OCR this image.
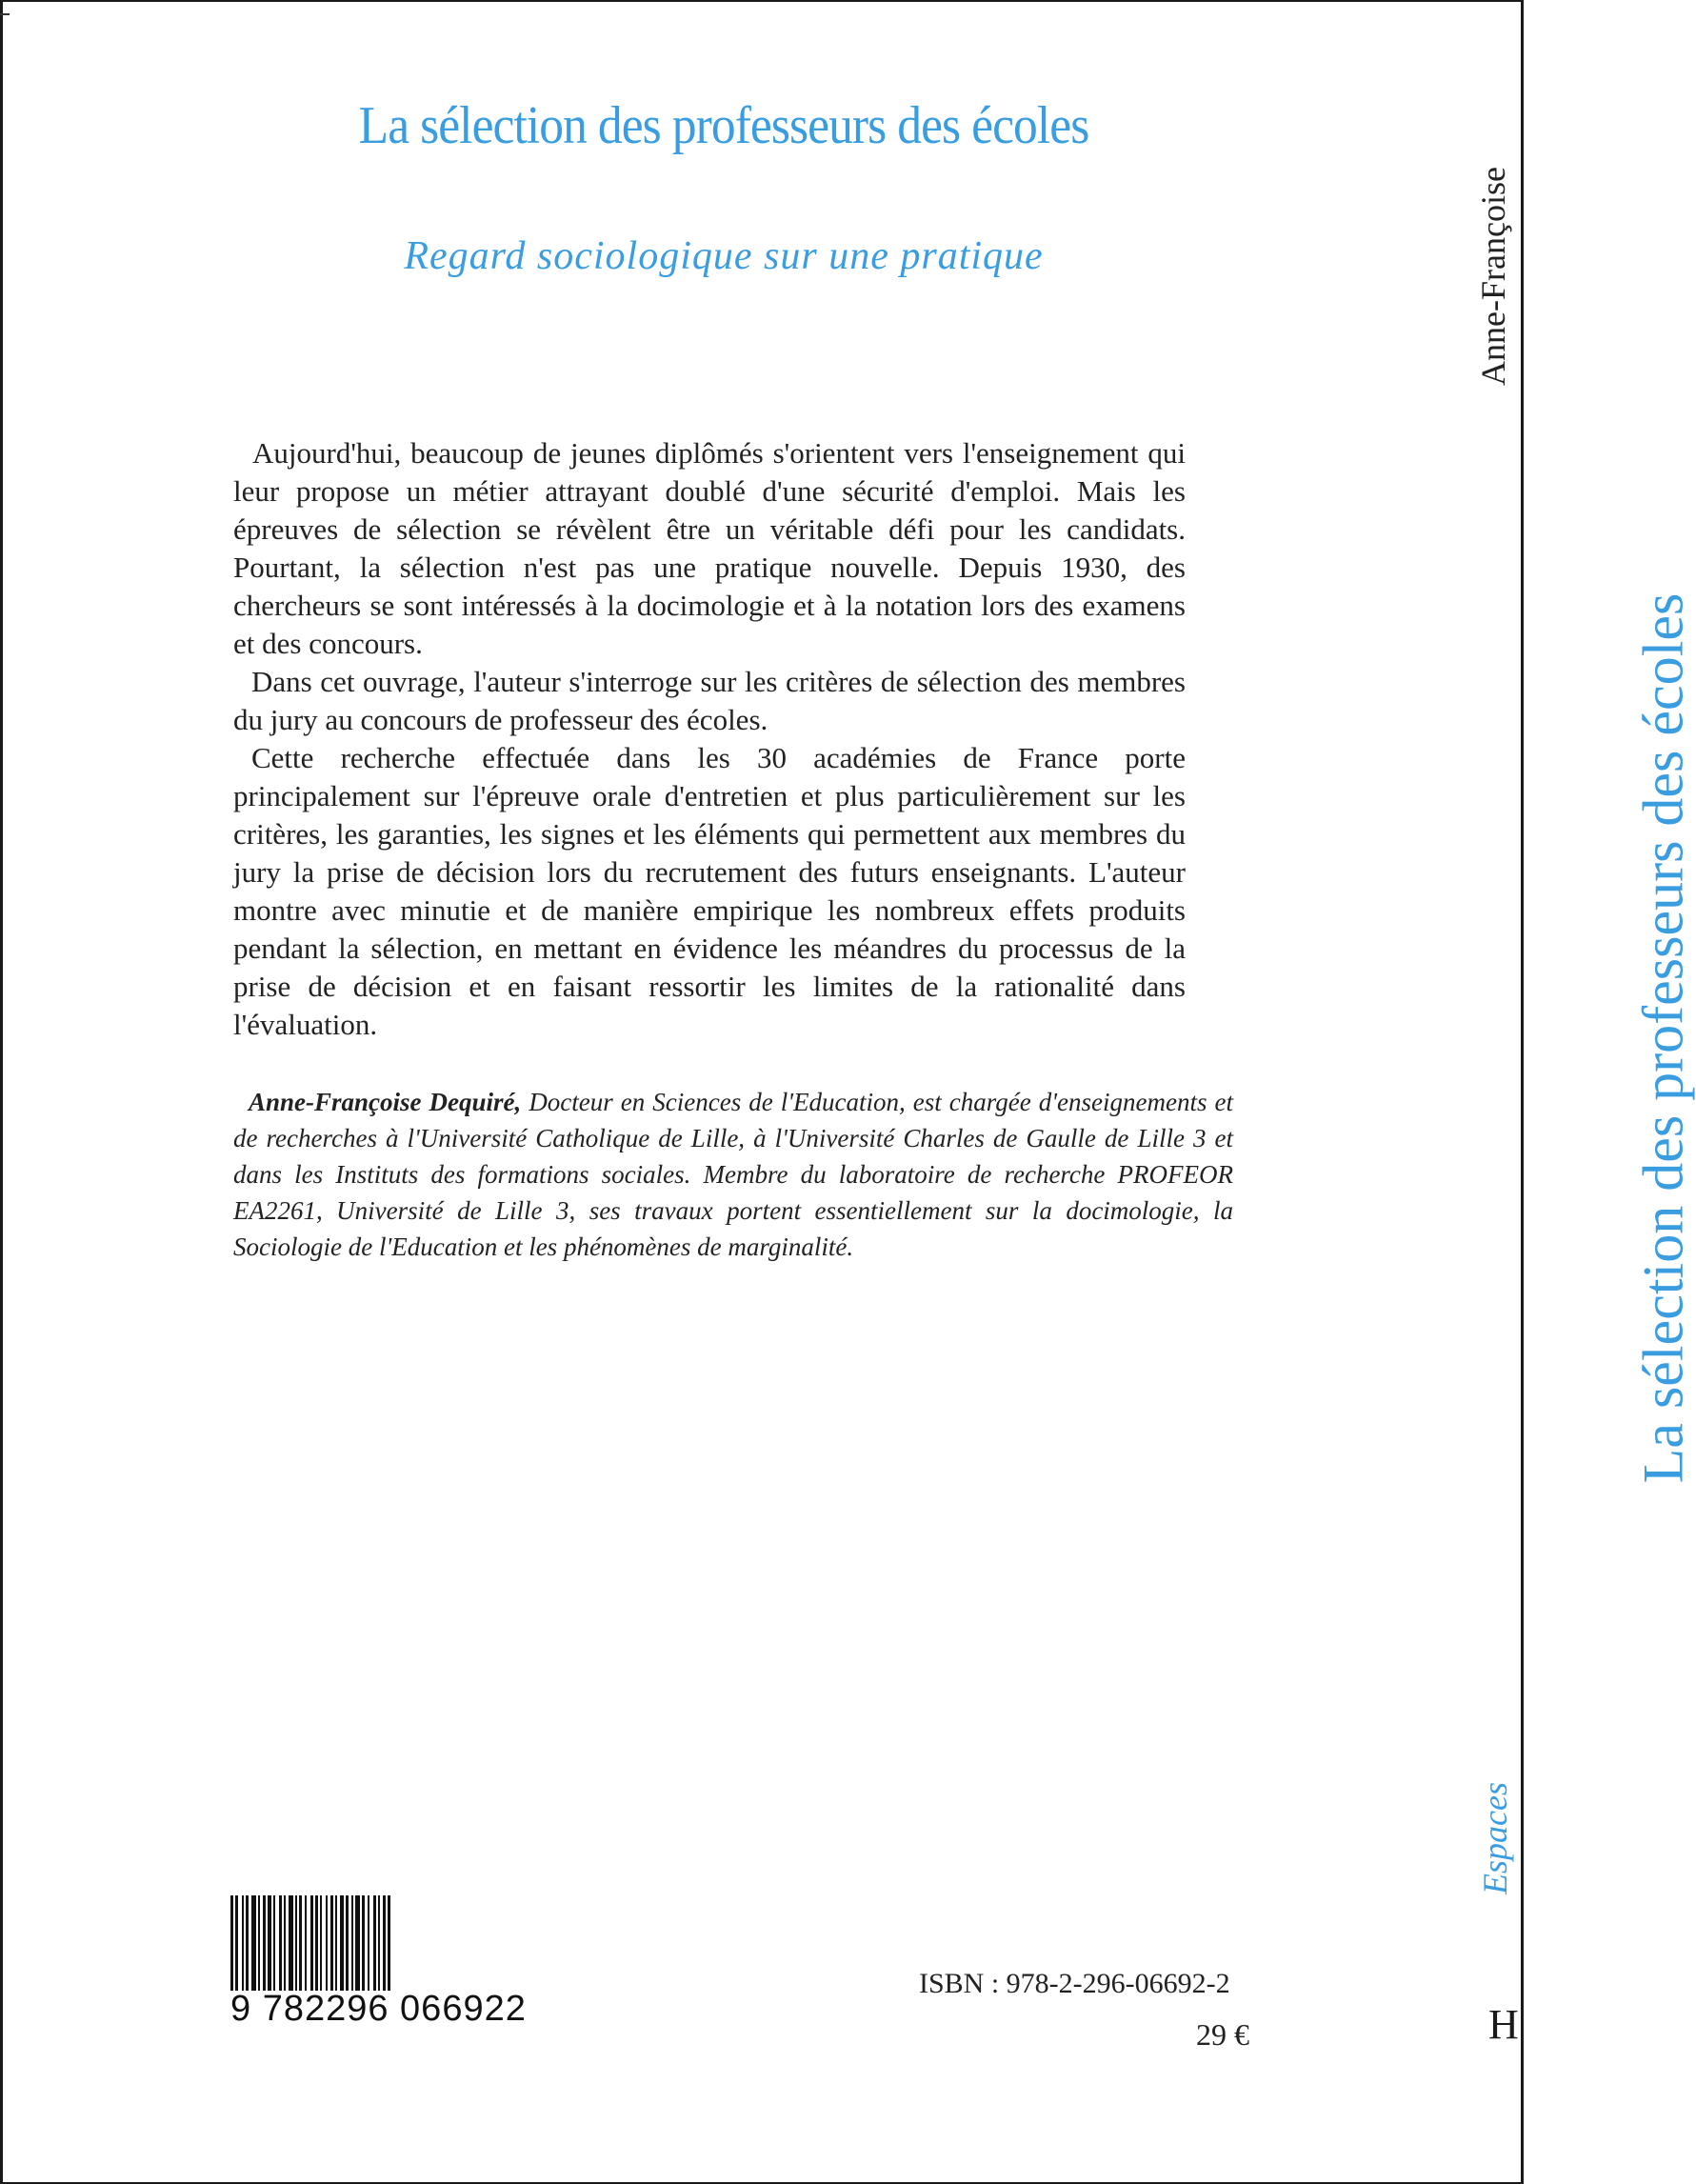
La sélection des professeurs des écoles
Regard sociologique sur une pratique

Aujourd'hui, beaucoup de jeunes diplômés s'orientent vers l'enseignement qui leur propose un métier attrayant doublé d'une sécurité d'emploi. Mais les épreuves de sélection se révèlent être un véritable défi pour les candidats. Pourtant, la sélection n'est pas une pratique nouvelle. Depuis 1930, des chercheurs se sont intéressés à la docimologie et à la notation lors des examens et des concours.

Dans cet ouvrage, l'auteur s'interroge sur les critères de sélection des membres du jury au concours de professeur des écoles.

Cette recherche effectuée dans les 30 académies de France porte principalement sur l'épreuve orale d'entretien et plus particulièrement sur les critères, les garanties, les signes et les éléments qui permettent aux membres du jury la prise de décision lors du recrutement des futurs enseignants. L'auteur montre avec minutie et de manière empirique les nombreux effets produits pendant la sélection, en mettant en évidence les méandres du processus de la prise de décision et en faisant ressortir les limites de la rationalité dans l'évaluation.

Anne-Françoise Dequiré, Docteur en Sciences de l'Education, est chargée d'enseignements et de recherches à l'Université Catholique de Lille, à l'Université Charles de Gaulle de Lille 3 et dans les Instituts des formations sociales. Membre du laboratoire de recherche PROFEOR EA2261, Université de Lille 3, ses travaux portent essentiellement sur la docimologie, la Sociologie de l'Education et les phénomènes de marginalité.

Anne-Françoise
La sélection des professeurs des écoles
Espaces
H
9 782296 066922
ISBN : 978-2-296-06692-2
29 €
